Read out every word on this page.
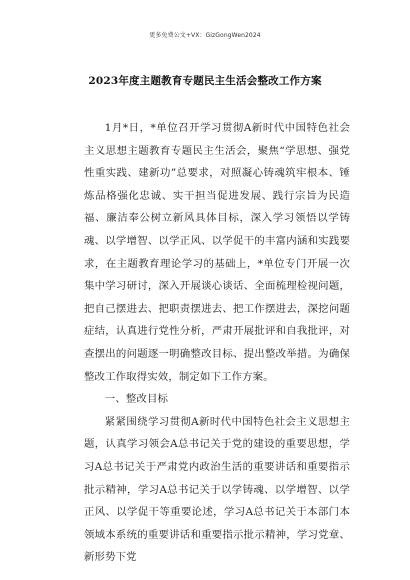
更多免费公文+VX：GizGongWen2024
2023年度主题教育专题民主生活会整改工作方案

1月*日，*单位召开学习贯彻A新时代中国特色社会主义思想主题教育专题民主生活会，聚焦“学思想、强党性重实践、建新功”总要求，对照凝心铸魂筑牢根本、锤炼品格强化忠诚、实干担当促进发展、践行宗旨为民造福、廉洁奉公树立新风具体目标，深入学习领悟以学铸魂、以学增智、以学正风、以学促干的丰富内涵和实践要求，在主题教育理论学习的基础上，*单位专门开展一次集中学习研讨，深入开展谈心谈话、全面梳理检视问题，把自己摆进去、把职责摆进去、把工作摆进去，深挖问题症结，认真进行党性分析，严肃开展批评和自我批评，对查摆出的问题逐一明确整改目标、提出整改举措。为确保整改工作取得实效，制定如下工作方案。

一、整改目标

紧紧围绕学习贯彻A新时代中国特色社会主义思想主题，认真学习领会A总书记关于党的建设的重要思想，学习A总书记关于严肃党内政治生活的重要讲话和重要指示批示精神，学习A总书记关于以学铸魂、以学增智、以学正风、以学促干等重要论述，学习A总书记关于本部门本领域本系统的重要讲话和重要指示批示精神，学习党章、新形势下党
